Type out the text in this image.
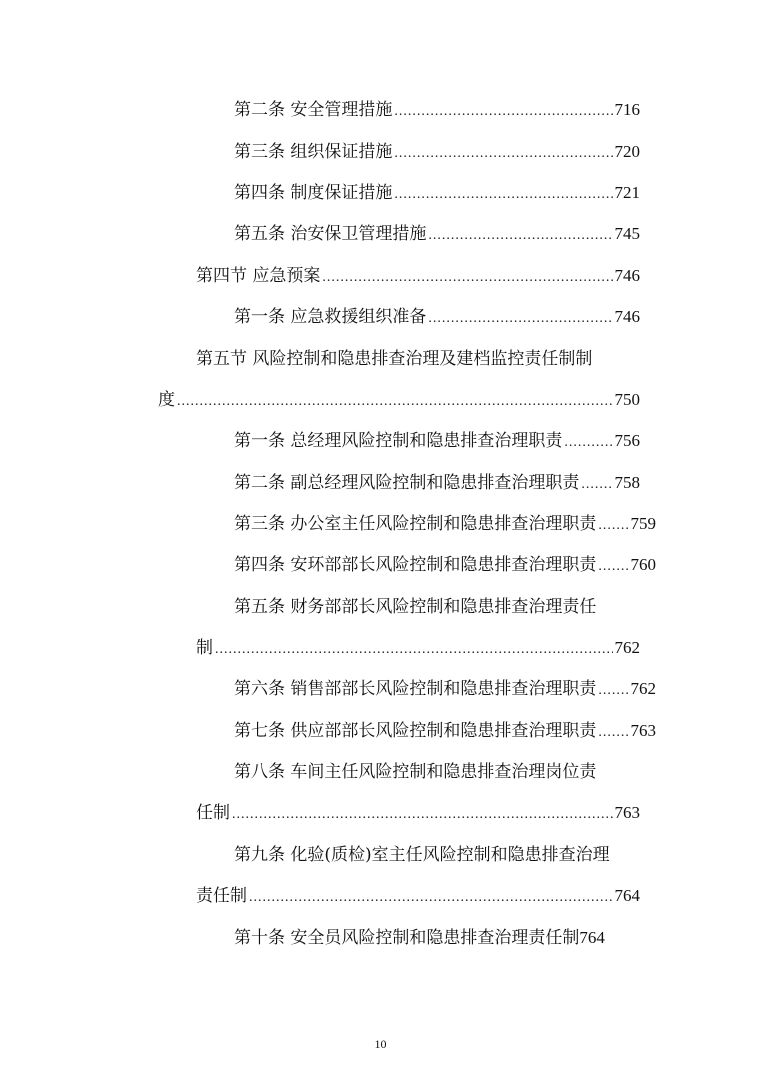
第二条 安全管理措施 .....	716
第三条 组织保证措施 .....	720
第四条 制度保证措施 .....	721
第五条 治安保卫管理措施 .....	745
第四节 应急预案 .....	746
第一条 应急救援组织准备 .....	746
第五节 风险控制和隐患排查治理及建档监控责任制制
度 .....	750
第一条 总经理风险控制和隐患排查治理职责 .....	756
第二条 副总经理风险控制和隐患排查治理职责 ..... 758
第三条 办公室主任风险控制和隐患排查治理职责 ..... 759
第四条 安环部部长风险控制和隐患排查治理职责 ..... 760
第五条 财务部部长风险控制和隐患排查治理责任
制 .....	762
第六条 销售部部长风险控制和隐患排查治理职责 ..... 762
第七条 供应部部长风险控制和隐患排查治理职责 ..... 763
第八条 车间主任风险控制和隐患排查治理岗位责
任制 .....	763
第九条 化验(质检)室主任风险控制和隐患排查治理
责任制 .....	764
第十条 安全员风险控制和隐患排查治理责任制 764
10
